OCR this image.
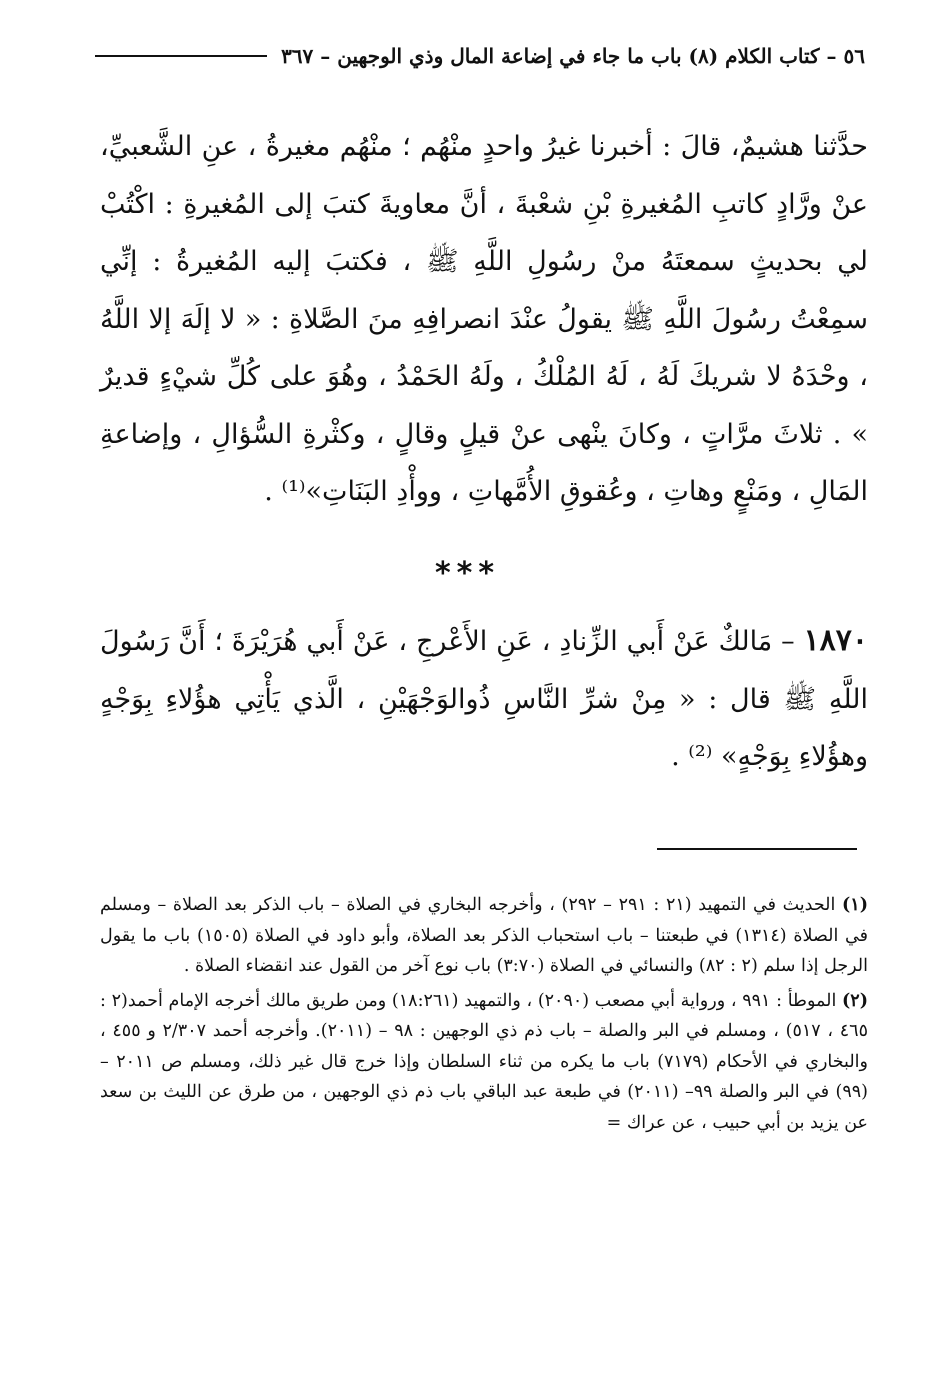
٥٦ – كتاب الكلام (٨) باب ما جاء في إضاعة المال وذي الوجهين – ٣٦٧

حدَّثنا هشيمٌ، قالَ : أخبرنا غيرُ واحدٍ منْهُم ؛ منْهُم مغيرةُ ، عنِ الشَّعبيِّ، عنْ ورَّادٍ كاتبِ المُغيرةِ بْنِ شعْبةَ ، أنَّ معاويةَ كتبَ إلى المُغيرةِ : اكْتُبْ لي بحديثٍ سمعتَهُ منْ رسُولِ اللَّهِ ﷺ ، فكتبَ إليه المُغيرةُ : إنِّي سمِعْتُ رسُولَ اللَّهِ ﷺ يقولُ عنْدَ انصرافِهِ منَ الصَّلاةِ : « لا إلَهَ إلا اللَّهُ ، وحْدَهُ لا شريكَ لَهُ ، لَهُ المُلْكُ ، ولَهُ الحَمْدُ ، وهُوَ على كُلِّ شيْءٍ قديرٌ » . ثلاثَ مرَّاتٍ ، وكانَ ينْهى عنْ قيلٍ وقالٍ ، وكثْرةِ السُّؤالِ ، وإضاعةِ المَالِ ، ومَنْعٍ وهاتِ ، وعُقوقِ الأُمَّهاتِ ، ووأْدِ البَنَاتِ»⁽¹⁾ .

***

١٨٧٠ – مَالكٌ عَنْ أَبي الزِّنادِ ، عَنِ الأَعْرجِ ، عَنْ أَبي هُرَيْرَةَ ؛ أَنَّ رَسُولَ اللَّهِ ﷺ قال : « مِنْ شرِّ النَّاسِ ذُوالوَجْهَيْنِ ، الَّذي يَأْتِي هؤُلاءِ بِوَجْهٍ وهؤُلاءِ بِوَجْهٍ» ⁽²⁾ .

(١) الحديث في التمهيد (٢١ : ٢٩١ – ٢٩٢) ، وأخرجه البخاري في الصلاة – باب الذكر بعد الصلاة – ومسلم في الصلاة (١٣١٤) في طبعتنا – باب استحباب الذكر بعد الصلاة، وأبو داود في الصلاة (١٥٠٥) باب ما يقول الرجل إذا سلم (٢ : ٨٢) والنسائي في الصلاة (٣:٧٠) باب نوع آخر من القول عند انقضاء الصلاة .

(٢) الموطأ : ٩٩١ ، ورواية أبي مصعب (٢٠٩٠) ، والتمهيد (١٨:٢٦١) ومن طريق مالك أخرجه الإمام أحمد(٢ : ٤٦٥ ، ٥١٧) ، ومسلم في البر والصلة – باب ذم ذي الوجهين : ٩٨ – (٢٠١١). وأخرجه أحمد ٢/٣٠٧ و ٤٥٥ ، والبخاري في الأحكام (٧١٧٩) باب ما يكره من ثناء السلطان وإذا خرج قال غير ذلك، ومسلم ص ٢٠١١ – (٩٩) في البر والصلة ٩٩– (٢٠١١) في طبعة عبد الباقي باب ذم ذي الوجهين ، من طرق عن الليث بن سعد عن يزيد بن أبي حبيب ، عن عراك =
